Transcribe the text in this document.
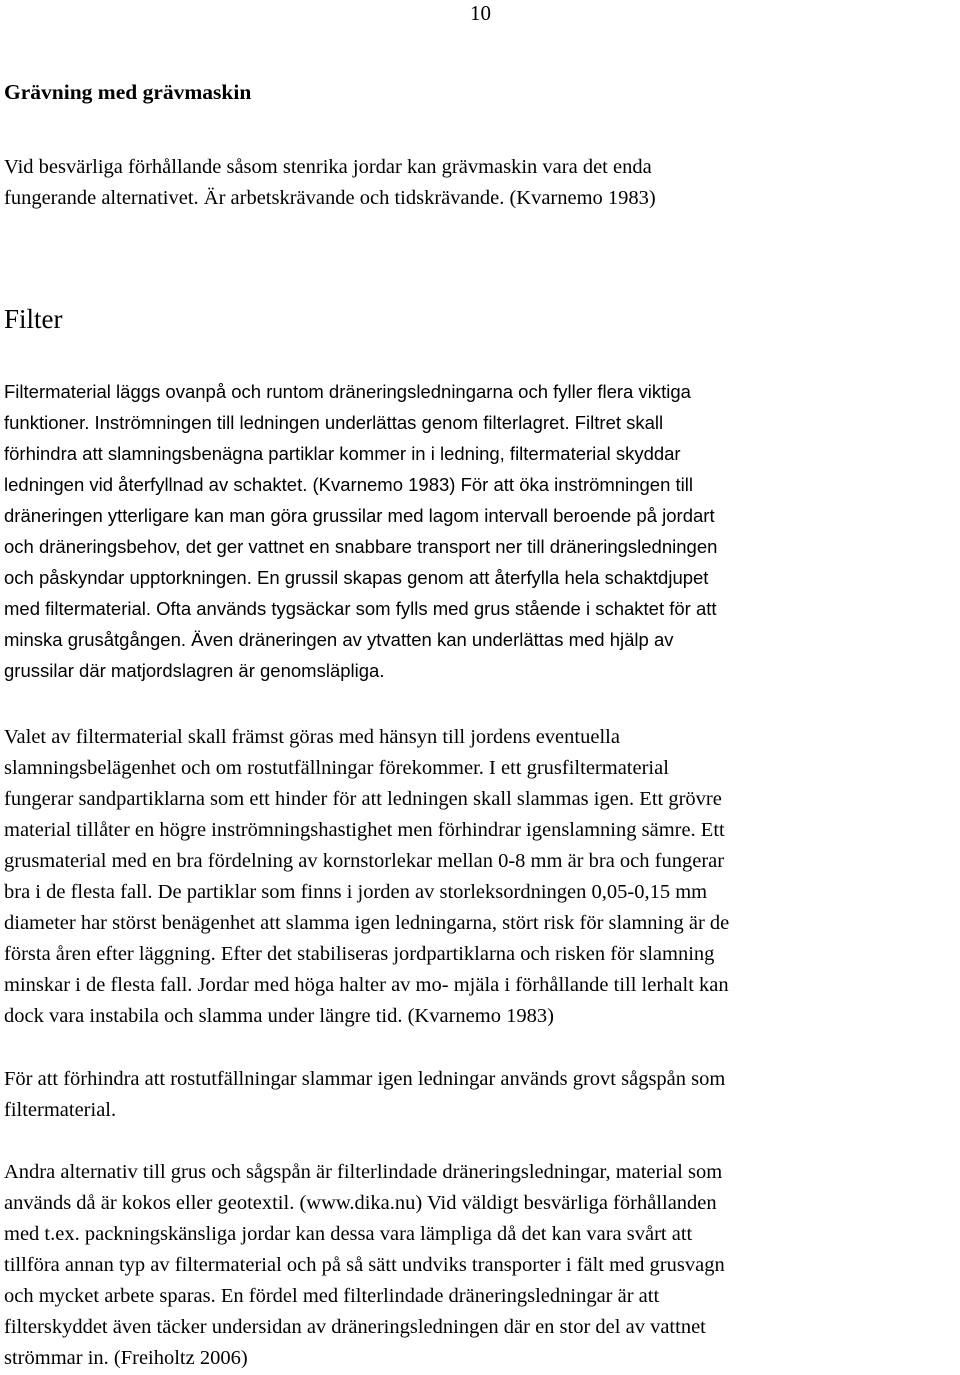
10
Grävning med grävmaskin
Vid besvärliga förhållande såsom stenrika jordar kan grävmaskin vara det enda
fungerande alternativet. Är arbetskrävande och tidskrävande. (Kvarnemo 1983)
Filter
Filtermaterial läggs ovanpå och runtom dräneringsledningarna och fyller flera viktiga
funktioner. Inströmningen till ledningen underlättas genom filterlagret. Filtret skall
förhindra att slamningsbenägna partiklar kommer in i ledning, filtermaterial skyddar
ledningen vid återfyllnad av schaktet. (Kvarnemo 1983) För att öka inströmningen till
dräneringen ytterligare kan man göra grussilar med lagom intervall beroende på jordart
och dräneringsbehov, det ger vattnet en snabbare transport ner till dräneringsledningen
och påskyndar upptorkningen. En grussil skapas genom att återfylla hela schaktdjupet
med filtermaterial. Ofta används tygsäckar som fylls med grus stående i schaktet för att
minska grusåtgången. Även dräneringen av ytvatten kan underlättas med hjälp av
grussilar där matjordslagren är genomsläpliga.
Valet av filtermaterial skall främst göras med hänsyn till jordens eventuella
slamningsbelägenhet och om rostutfällningar förekommer. I ett grusfiltermaterial
fungerar sandpartiklarna som ett hinder för att ledningen skall slammas igen. Ett grövre
material tillåter en högre inströmningshastighet men förhindrar igenslamning sämre. Ett
grusmaterial med en bra fördelning av kornstorlekar mellan 0-8 mm är bra och fungerar
bra i de flesta fall. De partiklar som finns i jorden av storleksordningen 0,05-0,15 mm
diameter har störst benägenhet att slamma igen ledningarna, stört risk för slamning är de
första åren efter läggning. Efter det stabiliseras jordpartiklarna och risken för slamning
minskar i de flesta fall. Jordar med höga halter av mo- mjäla i förhållande till lerhalt kan
dock vara instabila och slamma under längre tid. (Kvarnemo 1983)
För att förhindra att rostutfällningar slammar igen ledningar används grovt sågspån som
filtermaterial.
Andra alternativ till grus och sågspån är filterlindade dräneringsledningar, material som
används då är kokos eller geotextil. (www.dika.nu) Vid väldigt besvärliga förhållanden
med t.ex. packningskänsliga jordar kan dessa vara lämpliga då det kan vara svårt att
tillföra annan typ av filtermaterial och på så sätt undviks transporter i fält med grusvagn
och mycket arbete sparas. En fördel med filterlindade dräneringsledningar är att
filterskyddet även täcker undersidan av dräneringsledningen där en stor del av vattnet
strömmar in. (Freiholtz 2006)
